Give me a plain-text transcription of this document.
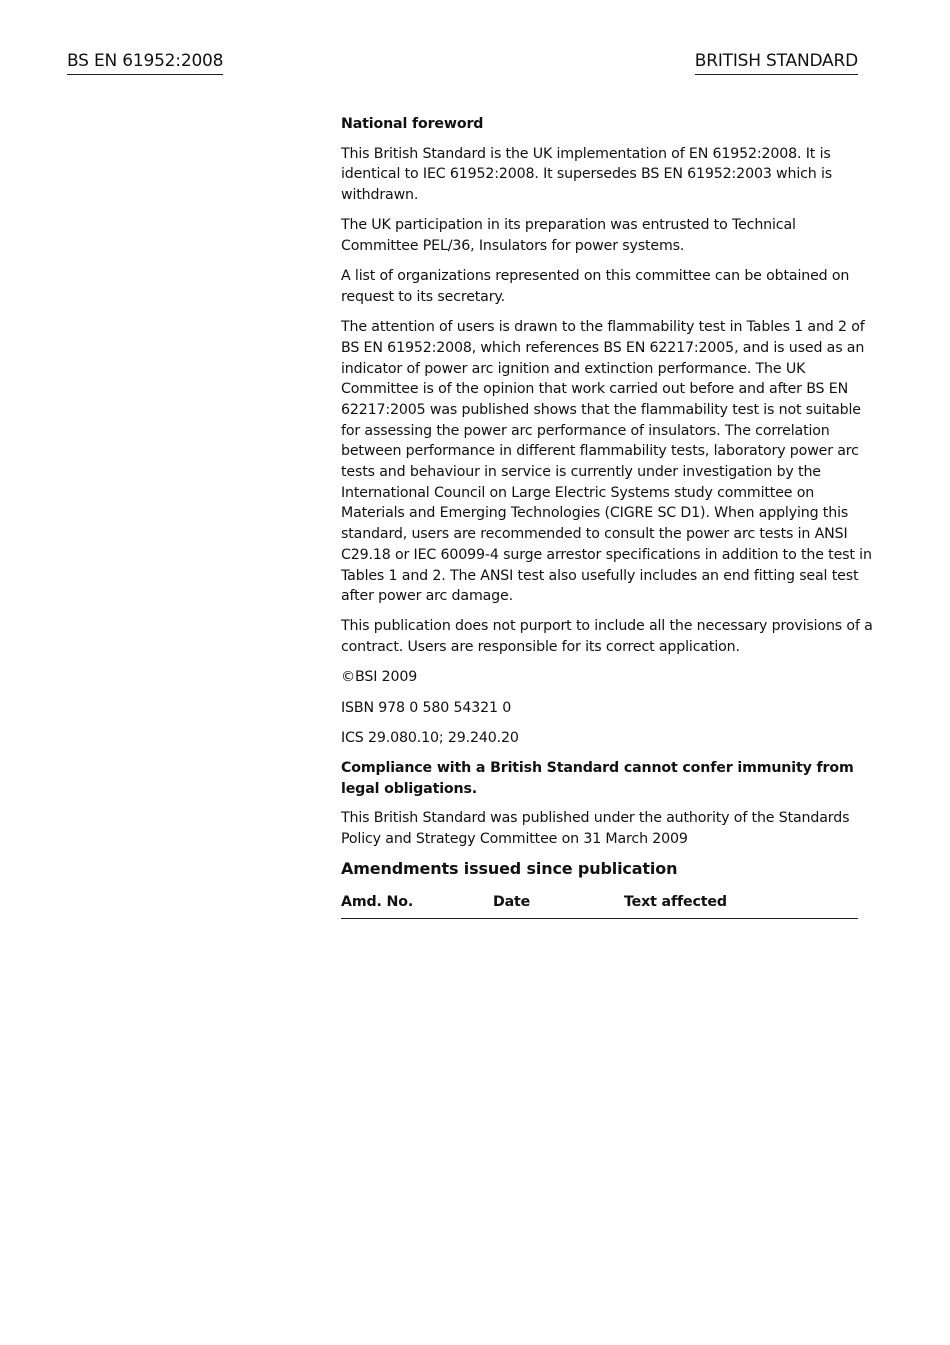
BS EN 61952:2008	BRITISH STANDARD
National foreword

This British Standard is the UK implementation of EN 61952:2008. It is identical to IEC 61952:2008. It supersedes BS EN 61952:2003 which is withdrawn.

The UK participation in its preparation was entrusted to Technical Committee PEL/36, Insulators for power systems.

A list of organizations represented on this committee can be obtained on request to its secretary.

The attention of users is drawn to the flammability test in Tables 1 and 2 of BS EN 61952:2008, which references BS EN 62217:2005, and is used as an indicator of power arc ignition and extinction performance. The UK Committee is of the opinion that work carried out before and after BS EN 62217:2005 was published shows that the flammability test is not suitable for assessing the power arc performance of insulators. The correlation between performance in different flammability tests, laboratory power arc tests and behaviour in service is currently under investigation by the International Council on Large Electric Systems study committee on Materials and Emerging Technologies (CIGRE SC D1). When applying this standard, users are recommended to consult the power arc tests in ANSI C29.18 or IEC 60099-4 surge arrestor specifications in addition to the test in Tables 1 and 2. The ANSI test also usefully includes an end fitting seal test after power arc damage.

This publication does not purport to include all the necessary provisions of a contract. Users are responsible for its correct application.

©BSI 2009

ISBN 978 0 580 54321 0

ICS 29.080.10; 29.240.20

Compliance with a British Standard cannot confer immunity from legal obligations.

This British Standard was published under the authority of the Standards Policy and Strategy Committee on 31 March 2009

Amendments issued since publication
Amd. No.	Date	Text affected
